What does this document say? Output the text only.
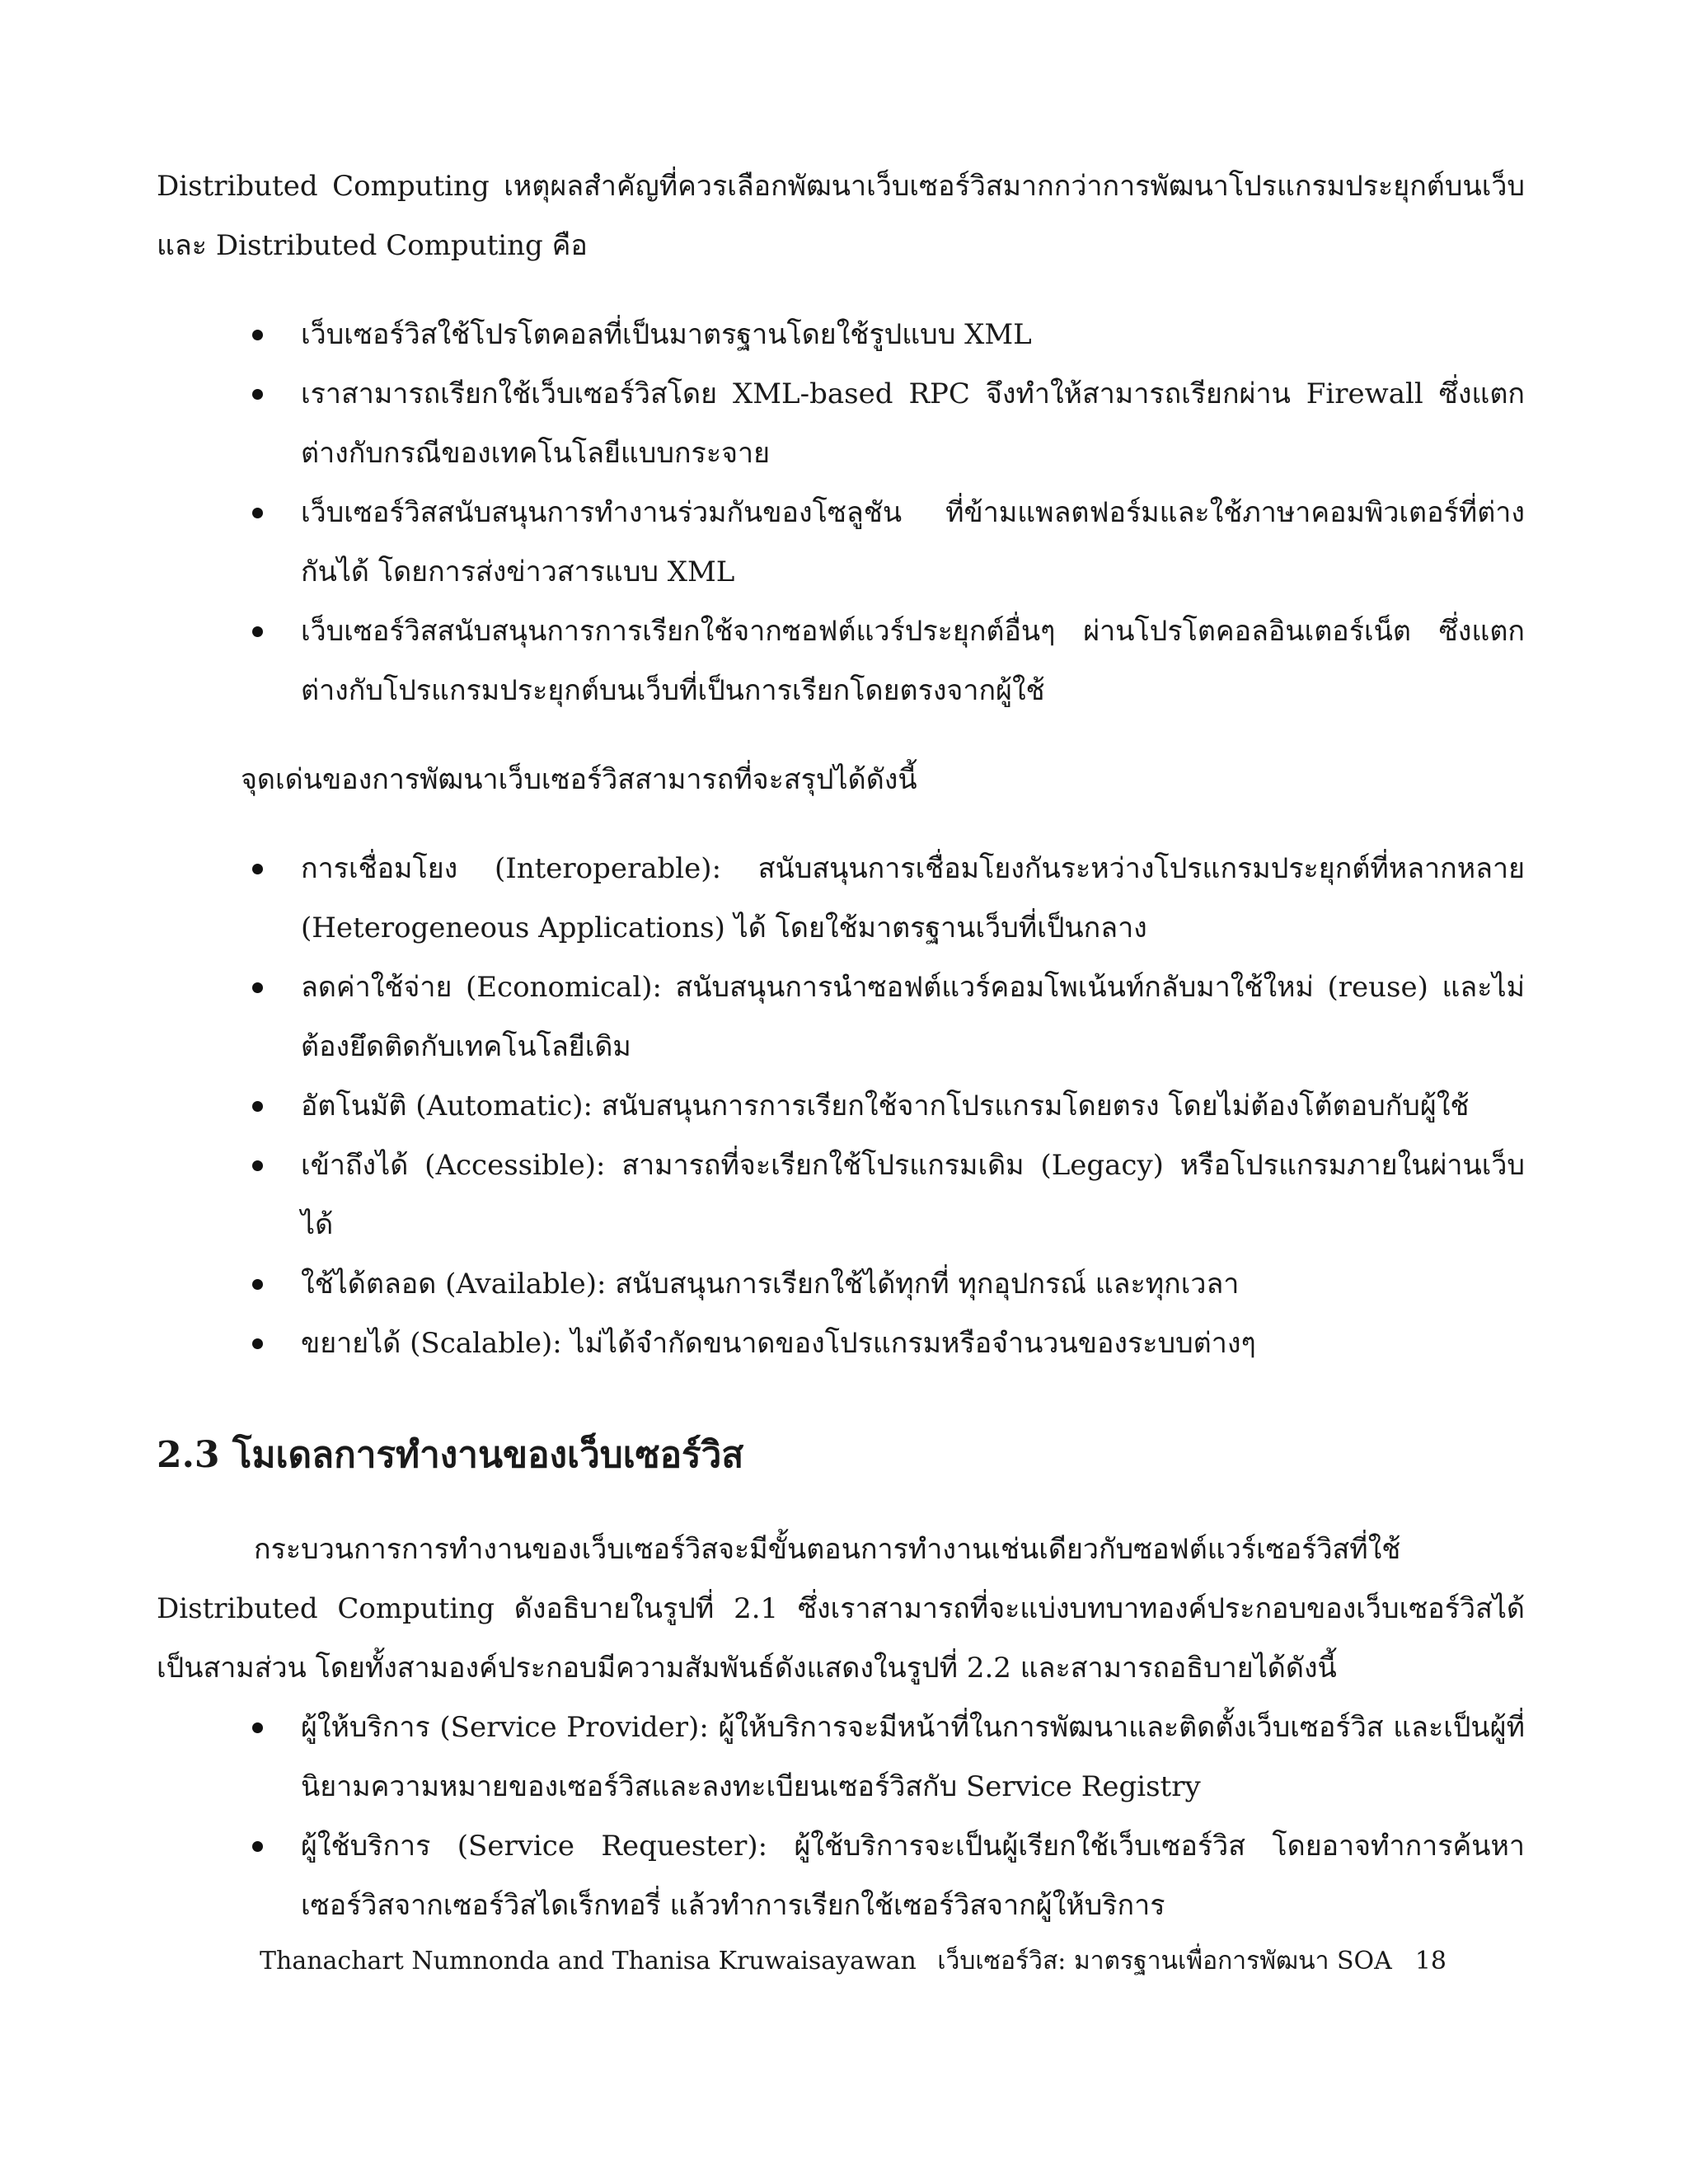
Distributed Computing เหตุผลสำคัญที่ควรเลือกพัฒนาเว็บเซอร์วิสมากกว่าการพัฒนาโปรแกรมประยุกต์บนเว็บและ Distributed Computing คือ

เว็บเซอร์วิสใช้โปรโตคอลที่เป็นมาตรฐานโดยใช้รูปแบบ XML
เราสามารถเรียกใช้เว็บเซอร์วิสโดย XML-based RPC จึงทำให้สามารถเรียกผ่าน Firewall ซึ่งแตกต่างกับกรณีของเทคโนโลยีแบบกระจาย
เว็บเซอร์วิสสนับสนุนการทำงานร่วมกันของโซลูชัน ที่ข้ามแพลตฟอร์มและใช้ภาษาคอมพิวเตอร์ที่ต่างกันได้ โดยการส่งข่าวสารแบบ XML
เว็บเซอร์วิสสนับสนุนการการเรียกใช้จากซอฟต์แวร์ประยุกต์อื่นๆ ผ่านโปรโตคอลอินเตอร์เน็ต ซึ่งแตกต่างกับโปรแกรมประยุกต์บนเว็บที่เป็นการเรียกโดยตรงจากผู้ใช้

จุดเด่นของการพัฒนาเว็บเซอร์วิสสามารถที่จะสรุปได้ดังนี้

การเชื่อมโยง (Interoperable): สนับสนุนการเชื่อมโยงกันระหว่างโปรแกรมประยุกต์ที่หลากหลาย (Heterogeneous Applications) ได้ โดยใช้มาตรฐานเว็บที่เป็นกลาง
ลดค่าใช้จ่าย (Economical): สนับสนุนการนำซอฟต์แวร์คอมโพเน้นท์กลับมาใช้ใหม่ (reuse) และไม่ต้องยึดติดกับเทคโนโลยีเดิม
อัตโนมัติ (Automatic): สนับสนุนการการเรียกใช้จากโปรแกรมโดยตรง โดยไม่ต้องโต้ตอบกับผู้ใช้
เข้าถึงได้ (Accessible): สามารถที่จะเรียกใช้โปรแกรมเดิม (Legacy) หรือโปรแกรมภายในผ่านเว็บได้
ใช้ได้ตลอด (Available): สนับสนุนการเรียกใช้ได้ทุกที่ ทุกอุปกรณ์ และทุกเวลา
ขยายได้ (Scalable): ไม่ได้จำกัดขนาดของโปรแกรมหรือจำนวนของระบบต่างๆ
2.3 โมเดลการทำงานของเว็บเซอร์วิส

กระบวนการการทำงานของเว็บเซอร์วิสจะมีขั้นตอนการทำงานเช่นเดียวกับซอฟต์แวร์เซอร์วิสที่ใช้ Distributed Computing ดังอธิบายในรูปที่ 2.1 ซึ่งเราสามารถที่จะแบ่งบทบาทองค์ประกอบของเว็บเซอร์วิสได้เป็นสามส่วน โดยทั้งสามองค์ประกอบมีความสัมพันธ์ดังแสดงในรูปที่ 2.2 และสามารถอธิบายได้ดังนี้

ผู้ให้บริการ (Service Provider): ผู้ให้บริการจะมีหน้าที่ในการพัฒนาและติดตั้งเว็บเซอร์วิส และเป็นผู้ที่นิยามความหมายของเซอร์วิสและลงทะเบียนเซอร์วิสกับ Service Registry
ผู้ใช้บริการ (Service Requester): ผู้ใช้บริการจะเป็นผู้เรียกใช้เว็บเซอร์วิส โดยอาจทำการค้นหาเซอร์วิสจากเซอร์วิสไดเร็กทอรี่ แล้วทำการเรียกใช้เซอร์วิสจากผู้ให้บริการ
Thanachart Numnonda and Thanisa Kruwaisayawan เว็บเซอร์วิส: มาตรฐานเพื่อการพัฒนา SOA 18
